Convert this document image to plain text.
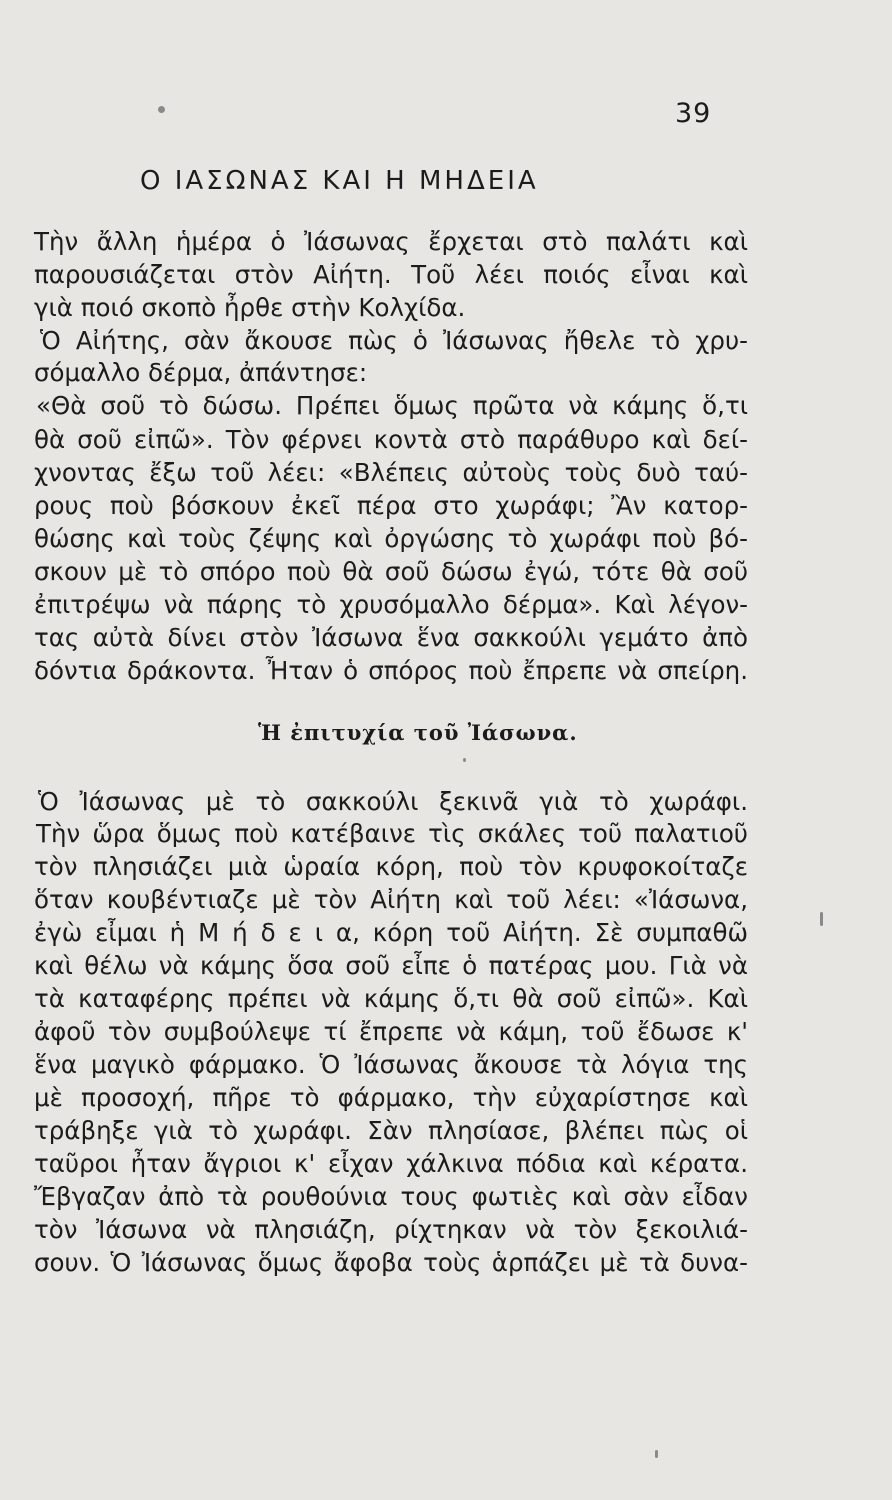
39
Ο ΙΑΣΩΝΑΣ ΚΑΙ Η ΜΗΔΕΙΑ
Τὴν ἄλλη ἡμέρα ὁ Ἰάσωνας ἔρχεται στὸ παλάτι καὶ
παρουσιάζεται στὸν Αἰήτη. Τοῦ λέει ποιός εἶναι καὶ
γιὰ ποιό σκοπὸ ἦρθε στὴν Κολχίδα.
Ὁ Αἰήτης, σὰν ἄκουσε πὼς ὁ Ἰάσωνας ἤθελε τὸ χρυ-
σόμαλλο δέρμα, ἀπάντησε:
«Θὰ σοῦ τὸ δώσω. Πρέπει ὅμως πρῶτα νὰ κάμης ὅ,τι
θὰ σοῦ εἰπῶ». Τὸν φέρνει κοντὰ στὸ παράθυρο καὶ δεί-
χνοντας ἔξω τοῦ λέει: «Βλέπεις αὐτοὺς τοὺς δυὸ ταύ-
ρους ποὺ βόσκουν ἐκεῖ πέρα στο χωράφι; Ἂν κατορ-
θώσης καὶ τοὺς ζέψης καὶ ὀργώσης τὸ χωράφι ποὺ βό-
σκουν μὲ τὸ σπόρο ποὺ θὰ σοῦ δώσω ἐγώ, τότε θὰ σοῦ
ἐπιτρέψω νὰ πάρης τὸ χρυσόμαλλο δέρμα». Καὶ λέγον-
τας αὐτὰ δίνει στὸν Ἰάσωνα ἕνα σακκούλι γεμάτο ἀπὸ
δόντια δράκοντα. Ἦταν ὁ σπόρος ποὺ ἔπρεπε νὰ σπείρη.
Ἡ ἐπιτυχία τοῦ Ἰάσωνα.
Ὁ Ἰάσωνας μὲ τὸ σακκούλι ξεκινᾶ γιὰ τὸ χωράφι.
Τὴν ὥρα ὅμως ποὺ κατέβαινε τὶς σκάλες τοῦ παλατιοῦ
τὸν πλησιάζει μιὰ ὡραία κόρη, ποὺ τὸν κρυφοκοίταζε
ὅταν κουβέντιαζε μὲ τὸν Αἰήτη καὶ τοῦ λέει: «Ἰάσωνα,
ἐγὼ εἶμαι ἡ Μ ή δ ε ι α, κόρη τοῦ Αἰήτη. Σὲ συμπαθῶ
καὶ θέλω νὰ κάμης ὅσα σοῦ εἶπε ὁ πατέρας μου. Γιὰ νὰ
τὰ καταφέρης πρέπει νὰ κάμης ὅ,τι θὰ σοῦ εἰπῶ». Καὶ
ἀφοῦ τὸν συμβούλεψε τί ἔπρεπε νὰ κάμη, τοῦ ἔδωσε κ'
ἕνα μαγικὸ φάρμακο. Ὁ Ἰάσωνας ἄκουσε τὰ λόγια της
μὲ προσοχή, πῆρε τὸ φάρμακο, τὴν εὐχαρίστησε καὶ
τράβηξε γιὰ τὸ χωράφι. Σὰν πλησίασε, βλέπει πὼς οἱ
ταῦροι ἦταν ἄγριοι κ' εἶχαν χάλκινα πόδια καὶ κέρατα.
Ἔβγαζαν ἀπὸ τὰ ρουθούνια τους φωτιὲς καὶ σὰν εἶδαν
τὸν Ἰάσωνα νὰ πλησιάζη, ρίχτηκαν νὰ τὸν ξεκοιλιά-
σουν. Ὁ Ἰάσωνας ὅμως ἄφοβα τοὺς ἁρπάζει μὲ τὰ δυνα-
